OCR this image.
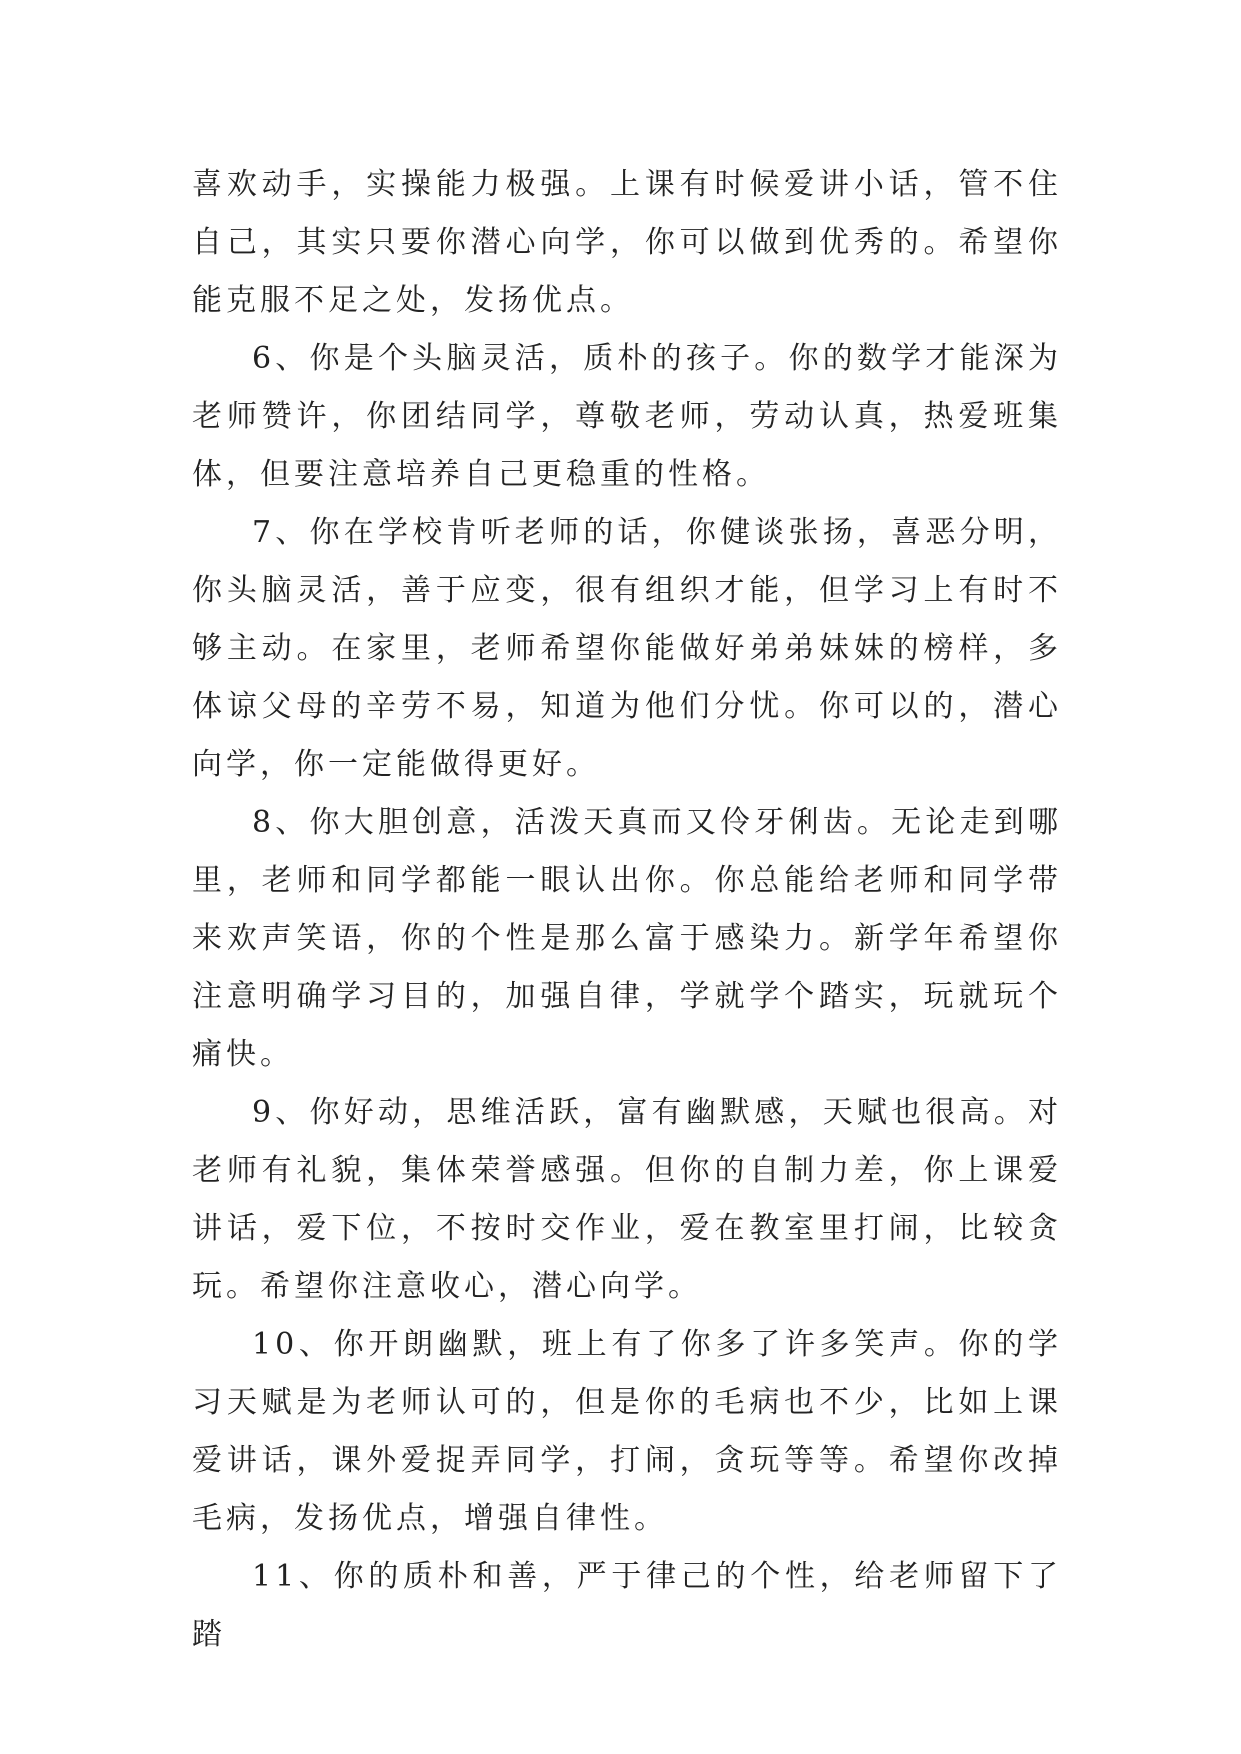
喜欢动手，实操能力极强。上课有时候爱讲小话，管不住自己，其实只要你潜心向学，你可以做到优秀的。希望你能克服不足之处，发扬优点。

6、你是个头脑灵活，质朴的孩子。你的数学才能深为老师赞许，你团结同学，尊敬老师，劳动认真，热爱班集体，但要注意培养自己更稳重的性格。

7、你在学校肯听老师的话，你健谈张扬，喜恶分明，你头脑灵活，善于应变，很有组织才能，但学习上有时不够主动。在家里，老师希望你能做好弟弟妹妹的榜样，多体谅父母的辛劳不易，知道为他们分忧。你可以的，潜心向学，你一定能做得更好。

8、你大胆创意，活泼天真而又伶牙俐齿。无论走到哪里，老师和同学都能一眼认出你。你总能给老师和同学带来欢声笑语，你的个性是那么富于感染力。新学年希望你注意明确学习目的，加强自律，学就学个踏实，玩就玩个痛快。

9、你好动，思维活跃，富有幽默感，天赋也很高。对老师有礼貌，集体荣誉感强。但你的自制力差，你上课爱讲话，爱下位，不按时交作业，爱在教室里打闹，比较贪玩。希望你注意收心，潜心向学。

10、你开朗幽默，班上有了你多了许多笑声。你的学习天赋是为老师认可的，但是你的毛病也不少，比如上课爱讲话，课外爱捉弄同学，打闹，贪玩等等。希望你改掉毛病，发扬优点，增强自律性。

11、你的质朴和善，严于律己的个性，给老师留下了踏
